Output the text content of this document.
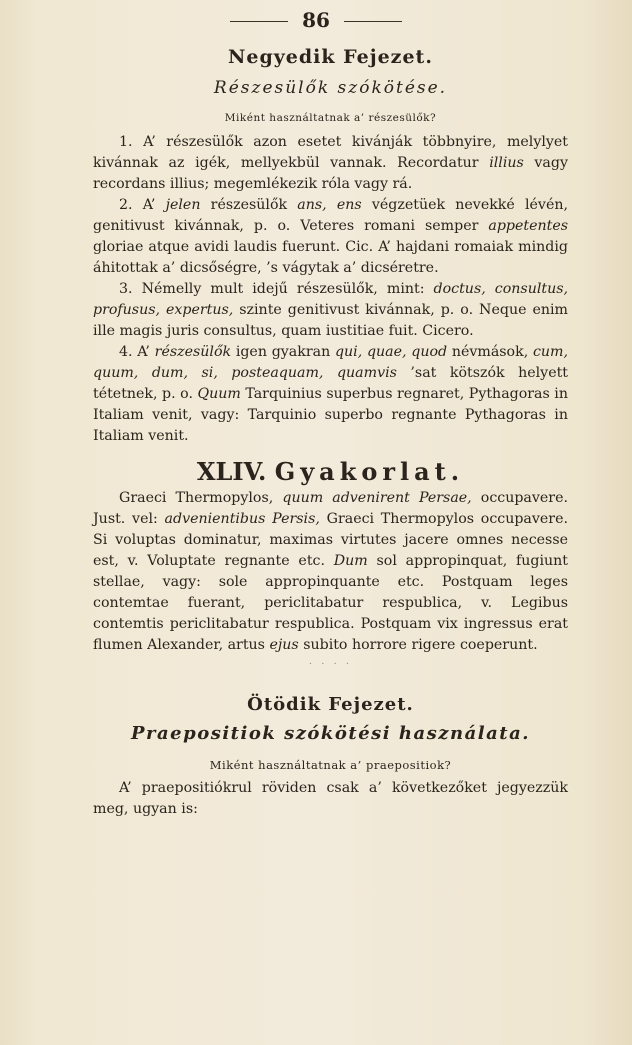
86
Negyedik Fejezet.
Részesülők szókötése.
Miként használtatnak a’ részesülők?

1. A’ részesülők azon esetet kivánják többnyire, melylyet kivánnak az igék, mellyekbül vannak. Recordatur illius vagy recordans illius; megemlékezik róla vagy rá.

2. A’ jelen részesülők ans, ens végzetüek nevekké lévén, genitivust kivánnak, p. o. Veteres romani semper appetentes gloriae atque avidi laudis fuerunt. Cic. A’ hajdani romaiak mindig áhitottak a’ dicsőségre, ’s vágytak a’ dicséretre.

3. Némelly mult idejű részesülők, mint: doctus, consultus, profusus, expertus, szinte genitivust kivánnak, p. o. Neque enim ille magis juris consultus, quam iustitiae fuit. Cicero.

4. A’ részesülők igen gyakran qui, quae, quod névmások, cum, quum, dum, si, posteaquam, quamvis ’sat kötszók helyett tétetnek, p. o. Quum Tarquinius superbus regnaret, Pythagoras in Italiam venit, vagy: Tarquinio superbo regnante Pythagoras in Italiam venit.

XLIV. Gyakorlat.

Graeci Thermopylos, quum advenirent Persae, occupavere. Just. vel: advenientibus Persis, Graeci Thermopylos occupavere. Si voluptas dominatur, maximas virtutes jacere omnes necesse est, v. Voluptate regnante etc. Dum sol appropinquat, fugiunt stellae, vagy: sole appropinquante etc. Postquam leges contemtae fuerant, periclitabatur respublica, v. Legibus contemtis periclitabatur respublica. Postquam vix ingressus erat flumen Alexander, artus ejus subito horrore rigere coeperunt.

· · · ·
Ötödik Fejezet.
Praepositiok szókötési használata.
Miként használtatnak a’ praepositiok?

A’ praepositiókrul röviden csak a’ következőket jegyezzük meg, ugyan is:
